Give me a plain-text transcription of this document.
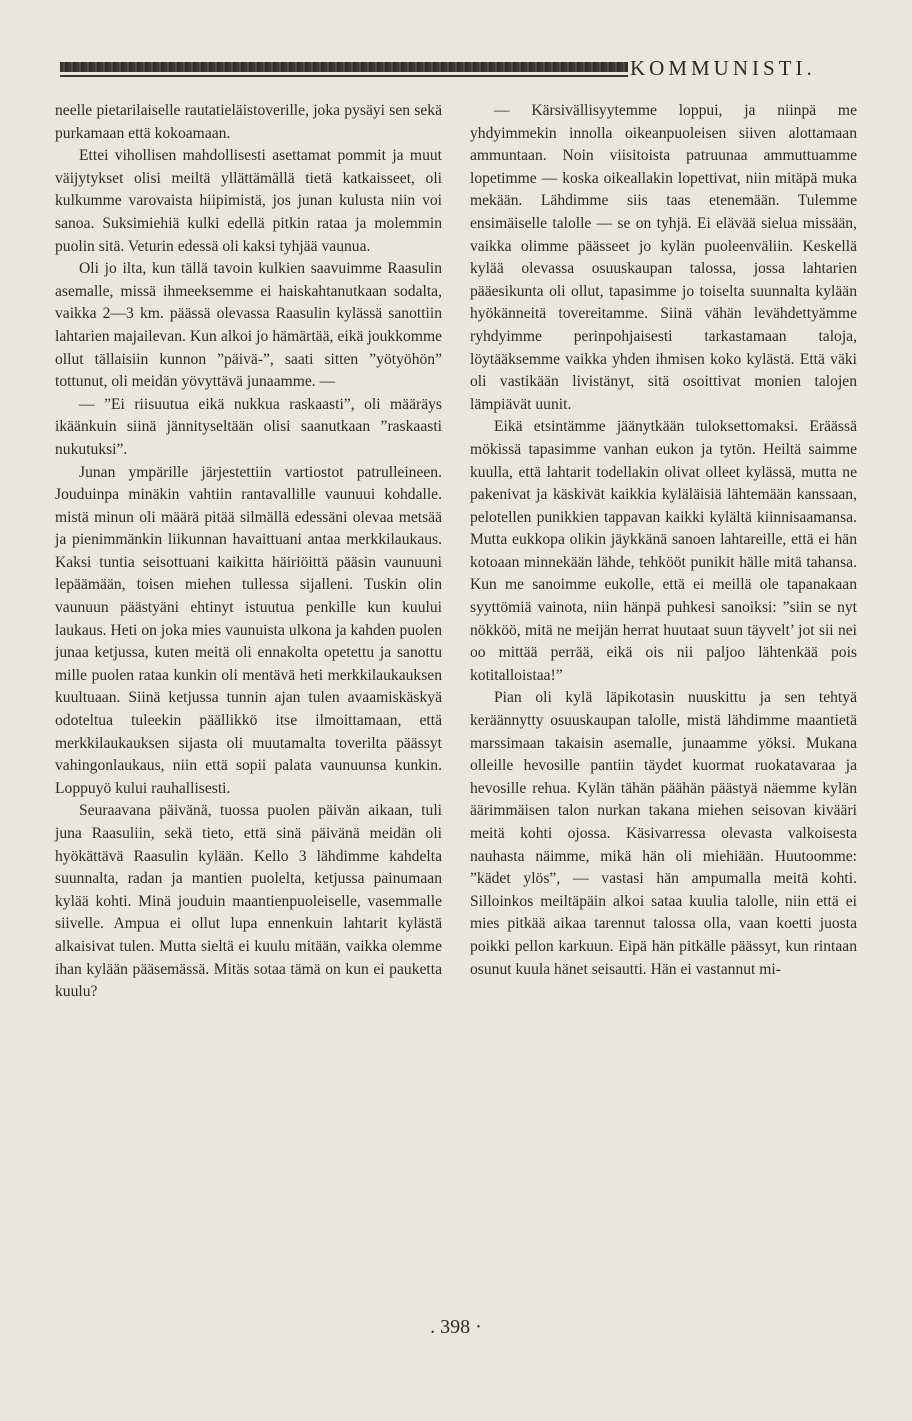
KOMMUNISTI.

neelle pietarilaiselle rautatieläistoverille, joka pysäyi sen sekä purkamaan että kokoamaan.

Ettei vihollisen mahdollisesti asettamat pommit ja muut väijytykset olisi meiltä yllättämällä tietä katkaisseet, oli kulkumme varovaista hiipimistä, jos junan kulusta niin voi sanoa. Suksimiehiä kulki edellä pitkin rataa ja molemmin puolin sitä. Veturin edessä oli kaksi tyhjää vaunua.

Oli jo ilta, kun tällä tavoin kulkien saavuimme Raasulin asemalle, missä ihmeeksemme ei haiskahtanutkaan sodalta, vaikka 2—3 km. päässä olevassa Raasulin kylässä sanottiin lahtarien majailevan. Kun alkoi jo hämärtää, eikä joukkomme ollut tällaisiin kunnon ”päivä-”, saati sitten ”yötyöhön” tottunut, oli meidän yövyttävä junaamme. —

— ”Ei riisuutua eikä nukkua raskaasti”, oli määräys ikäänkuin siinä jännityseltään olisi saanutkaan ”raskaasti nukutuksi”.

Junan ympärille järjestettiin vartiostot patrulleineen. Jouduinpa minäkin vahtiin rantavallille vaunuui kohdalle. mistä minun oli määrä pitää silmällä edessäni olevaa metsää ja pienimmänkin liikunnan havaittuani antaa merkkilaukaus. Kaksi tuntia seisottuani kaikitta häiriöittä pääsin vaunuuni lepäämään, toisen miehen tullessa sijalleni. Tuskin olin vaunuun päästyäni ehtinyt istuutua penkille kun kuului laukaus. Heti on joka mies vaunuista ulkona ja kahden puolen junaa ketjussa, kuten meitä oli ennakolta opetettu ja sanottu mille puolen rataa kunkin oli mentävä heti merkkilaukauksen kuultuaan. Siinä ketjussa tunnin ajan tulen avaamiskäskyä odoteltua tuleekin päällikkö itse ilmoittamaan, että merkkilaukauksen sijasta oli muutamalta toverilta päässyt vahingonlaukaus, niin että sopii palata vaunuunsa kunkin. Loppuyö kului rauhallisesti.

Seuraavana päivänä, tuossa puolen päivän aikaan, tuli juna Raasuliin, sekä tieto, että sinä päivänä meidän oli hyökättävä Raasulin kylään. Kello 3 lähdimme kahdelta suunnalta, radan ja mantien puolelta, ketjussa painumaan kylää kohti. Minä jouduin maantienpuoleiselle, vasemmalle siivelle. Ampua ei ollut lupa ennenkuin lahtarit kylästä alkaisivat tulen. Mutta sieltä ei kuulu mitään, vaikka olemme ihan kylään pääsemässä. Mitäs sotaa tämä on kun ei pauketta kuulu?

— Kärsivällisyytemme loppui, ja niinpä me yhdyimmekin innolla oikeanpuoleisen siiven alottamaan ammuntaan. Noin viisitoista patruunaa ammuttuamme lopetimme — koska oikeallakin lopettivat, niin mitäpä muka mekään. Lähdimme siis taas etenemään. Tulemme ensimäiselle talolle — se on tyhjä. Ei elävää sielua missään, vaikka olimme päässeet jo kylän puoleenväliin. Keskellä kylää olevassa osuuskaupan talossa, jossa lahtarien pääesikunta oli ollut, tapasimme jo toiselta suunnalta kylään hyökänneitä tovereitamme. Siinä vähän levähdettyämme ryhdyimme perinpohjaisesti tarkastamaan taloja, löytääksemme vaikka yhden ihmisen koko kylästä. Että väki oli vastikään livistänyt, sitä osoittivat monien talojen lämpiävät uunit.

Eikä etsintämme jäänytkään tuloksettomaksi. Eräässä mökissä tapasimme vanhan eukon ja tytön. Heiltä saimme kuulla, että lahtarit todellakin olivat olleet kylässä, mutta ne pakenivat ja käskivät kaikkia kyläläisiä lähtemään kanssaan, pelotellen punikkien tappavan kaikki kylältä kiinnisaamansa. Mutta eukkopa olikin jäykkänä sanoen lahtareille, että ei hän kotoaan minnekään lähde, tehkööt punikit hälle mitä tahansa. Kun me sanoimme eukolle, että ei meillä ole tapanakaan syyttömiä vainota, niin hänpä puhkesi sanoiksi: ”siin se nyt nökköö, mitä ne meijän herrat huutaat suun täyvelt’ jot sii nei oo mittää perrää, eikä ois nii paljoo lähtenkää pois kotitalloistaa!”

Pian oli kylä läpikotasin nuuskittu ja sen tehtyä keräännytty osuuskaupan talolle, mistä lähdimme maantietä marssimaan takaisin asemalle, junaamme yöksi. Mukana olleille hevosille pantiin täydet kuormat ruokatavaraa ja hevosille rehua. Kylän tähän päähän päästyä näemme kylän äärimmäisen talon nurkan takana miehen seisovan kivääri meitä kohti ojossa. Käsivarressa olevasta valkoisesta nauhasta näimme, mikä hän oli miehiään. Huutoomme: ”kädet ylös”, — vastasi hän ampumalla meitä kohti. Silloinkos meiltäpäin alkoi sataa kuulia talolle, niin että ei mies pitkää aikaa tarennut talossa olla, vaan koetti juosta poikki pellon karkuun. Eipä hän pitkälle päässyt, kun rintaan osunut kuula hänet seisautti. Hän ei vastannut mi-

. 398 ·
